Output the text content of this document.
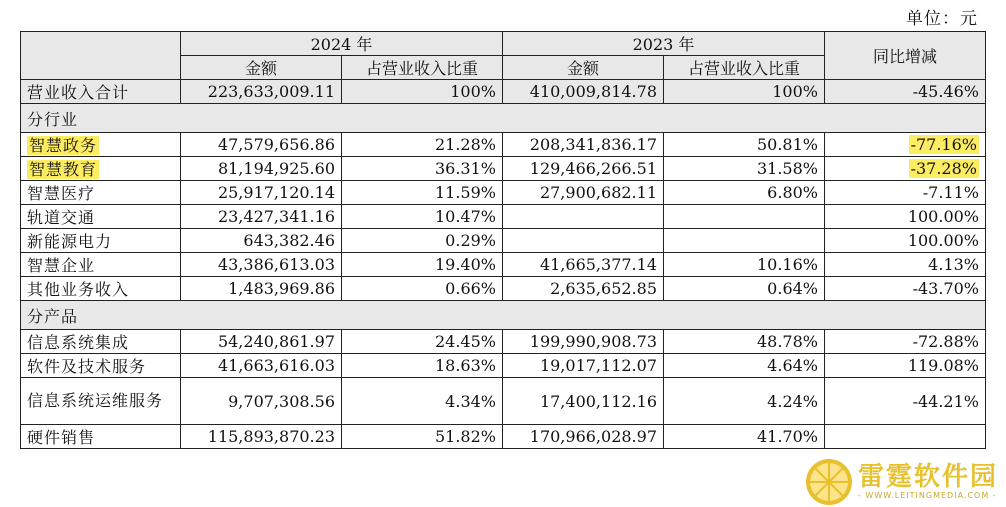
单位：元
	2024 年		2023 年		同比增减
	金额	占营业收入比重	金额	占营业收入比重	
营业收入合计	223,633,009.11	100%	410,009,814.78	100%	-45.46%
分行业					
智慧政务	47,579,656.86	21.28%	208,341,836.17	50.81%	-77.16%
智慧教育	81,194,925.60	36.31%	129,466,266.51	31.58%	-37.28%
智慧医疗	25,917,120.14	11.59%	27,900,682.11	6.80%	-7.11%
轨道交通	23,427,341.16	10.47%			100.00%
新能源电力	643,382.46	0.29%			100.00%
智慧企业	43,386,613.03	19.40%	41,665,377.14	10.16%	4.13%
其他业务收入	1,483,969.86	0.66%	2,635,652.85	0.64%	-43.70%
分产品					
信息系统集成	54,240,861.97	24.45%	199,990,908.73	48.78%	-72.88%
软件及技术服务	41,663,616.03	18.63%	19,017,112.07	4.64%	119.08%
信息系统运维服务	9,707,308.56	4.34%	17,400,112.16	4.24%	-44.21%
硬件销售	115,893,870.23	51.82%	170,966,028.97	41.70%	
雷霆软件园
- WWW.LEITINGMEDIA.COM -
